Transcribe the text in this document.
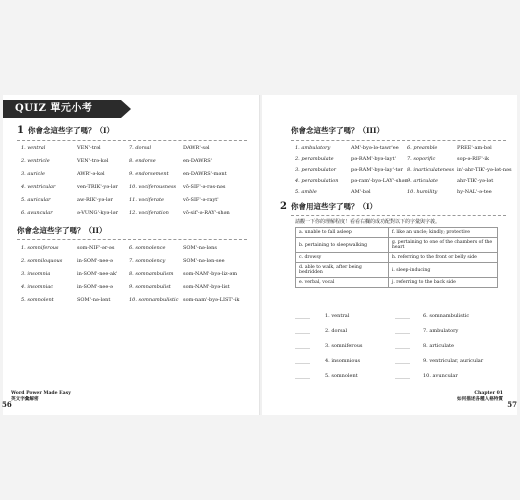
QUIZ 單元小考
1 你會念這些字了嗎？（I）
1. ventral	VEN'-trəl	7. dorsal	DAWR'-səl
2. ventricle	VEN'-trə-kəl	8. endorse	en-DAWRS'
3. auricle	AWR'-ə-kəl	9. endorsement	en-DAWRS'-mənt
4. ventricular	ven-TRIK'-yə-lər 10. vociferousness vō-SIF'-ə-rəs-nəs
5. auricular	aw-RIK'-yə-lər	11. vociferate	vō-SIF'-ə-rayt'
6. avuncular	ə-VUNG'-kyə-lər 12. vociferation	vō-sif'-ə-RAY'-shən
你會念這些字了嗎？（II）
1. somniferous	som-NIF'-ər-əs	6. somnolence	SOM'-nə-ləns
2. somniloquous	in-SOM'-nee-ə	7. somnolency	SOM'-nə-lən-see
3. insomnia	in-SOM'-nee-ak' 8. somnambulism som-NAM'-byə-liz-əm
4. insomniac	in-SOM'-nee-ə	9. somnambulist som-NAM'-byə-list
5. somnolent	SOM'-nə-lənt	10. somnambulistic som-nam'-byə-LIST'-ik
Word Power Made Easy
英文字彙解密
56
你會念這些字了嗎？（III）
1. ambulatory	AM'-byə-lə-tawr'ee 6. preamble	PREE'-am-bəl
2. perambulate	pə-RAM'-byə-layt' 7. soporific	sop-ə-RIF'-ik
3. perambulator	pə-RAM'-byə-lay'-tər 8. inarticulateness in'-ahr-TIK'-yə-lət-nəs
4. perambulation	pə-ram'-byə-LAY'-shən 9. articulate	ahr-TIK'-yə-lət
5. amble	AM'-bəl	10. humility	hy-NAL'-ə-tee
2 你會用這些字了嗎？（I）
請觀一下你的理解程度！看看右欄的成功配對以下的字彙與字義。
a. unable to fall asleep	f. like an uncle; kindly; protective
b. pertaining to sleepwalking	g. pertaining to one of the chambers of the heart
c. drowsy	h. referring to the front or belly side
d. able to walk, after being bedridden	i. sleep-inducing
e. verbal, vocal	j. referring to the back side
______	1. ventral	______	6. somnambulistic
______	2. dorsal	______	7. ambulatory
______	3. somniferous	______	8. articulate
______	4. insomnious	______	9. ventricular, auricular
______	5. somnolent	______	10. avuncular
Chapter 01
如何描述各種人格特質
57
